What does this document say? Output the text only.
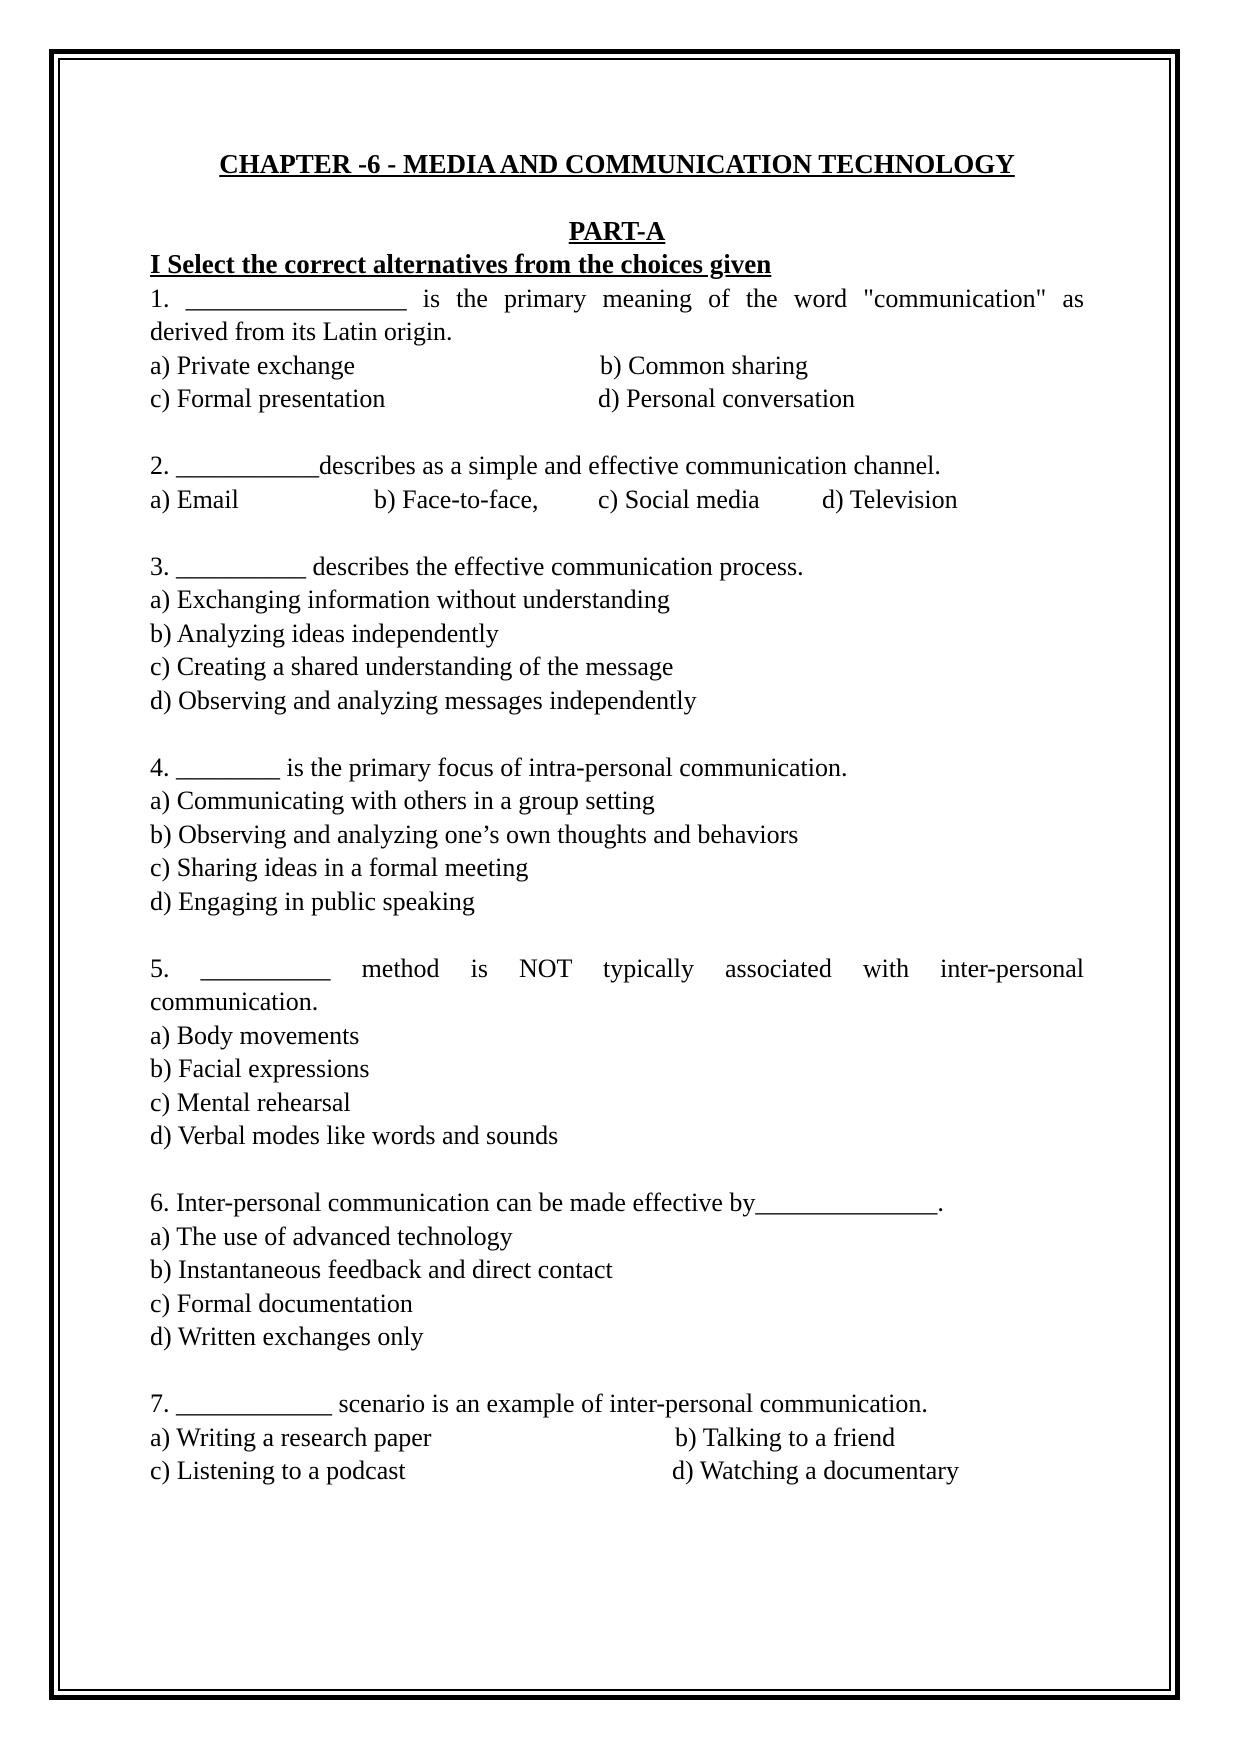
CHAPTER -6 - MEDIA AND COMMUNICATION TECHNOLOGY
PART-A
I Select the correct alternatives from the choices given
1. _________________ is the primary meaning of the word "communication" as
derived from its Latin origin.
a) Private exchange	b) Common sharing
c) Formal presentation	d) Personal conversation
2. ___________describes as a simple and effective communication channel.
a) Email	b) Face-to-face,	c) Social media	d) Television
3. __________ describes the effective communication process.
a) Exchanging information without understanding
b) Analyzing ideas independently
c) Creating a shared understanding of the message
d) Observing and analyzing messages independently
4. ________ is the primary focus of intra-personal communication.
a) Communicating with others in a group setting
b) Observing and analyzing one’s own thoughts and behaviors
c) Sharing ideas in a formal meeting
d) Engaging in public speaking
5. __________ method is NOT typically associated with inter-personal
communication.
a) Body movements
b) Facial expressions
c) Mental rehearsal
d) Verbal modes like words and sounds
6. Inter-personal communication can be made effective by______________.
a) The use of advanced technology
b) Instantaneous feedback and direct contact
c) Formal documentation
d) Written exchanges only
7. ____________ scenario is an example of inter-personal communication.
a) Writing a research paper	b) Talking to a friend
c) Listening to a podcast	d) Watching a documentary
